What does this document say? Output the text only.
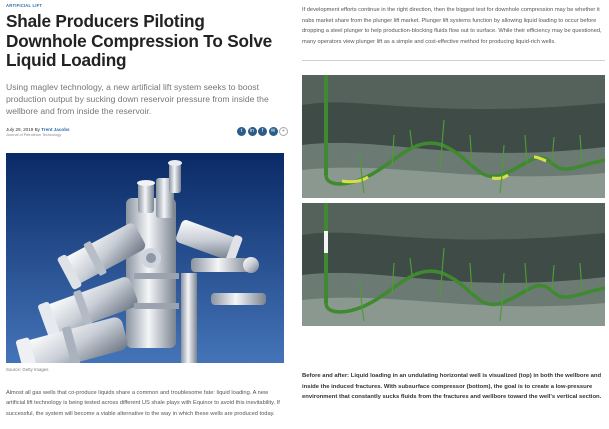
ARTIFICIAL LIFT
Shale Producers Piloting Downhole Compression To Solve Liquid Loading

Using maglev technology, a new artificial lift system seeks to boost production output by sucking down reservoir pressure from inside the wellbore and from inside the reservoir.

July 29, 2019 By Trent Jacobs
Journal of Petroleum Technology
t	in	f	✉	+

Source: Getty Images

Almost all gas wells that co-produce liquids share a common and troublesome fate: liquid loading. A new artificial lift technology is being tested across different US shale plays with Equinor to avoid this inevitability. If successful, the system will become a viable alternative to the way in which these wells are produced today.

If development efforts continue in the right direction, then the biggest test for downhole compression may be whether it nabs market share from the plunger lift market. Plunger lift systems function by allowing liquid loading to occur before dropping a steel plunger to help production-blocking fluids flow out to surface. While their efficiency may be questioned, many operators view plunger lift as a simple and cost-effective method for producing liquid-rich wells.

Before and after: Liquid loading in an undulating horizontal well is visualized (top) in both the wellbore and inside the induced fractures. With subsurface compressor (bottom), the goal is to create a low-pressure environment that constantly sucks fluids from the fractures and wellbore toward the well's vertical section.
